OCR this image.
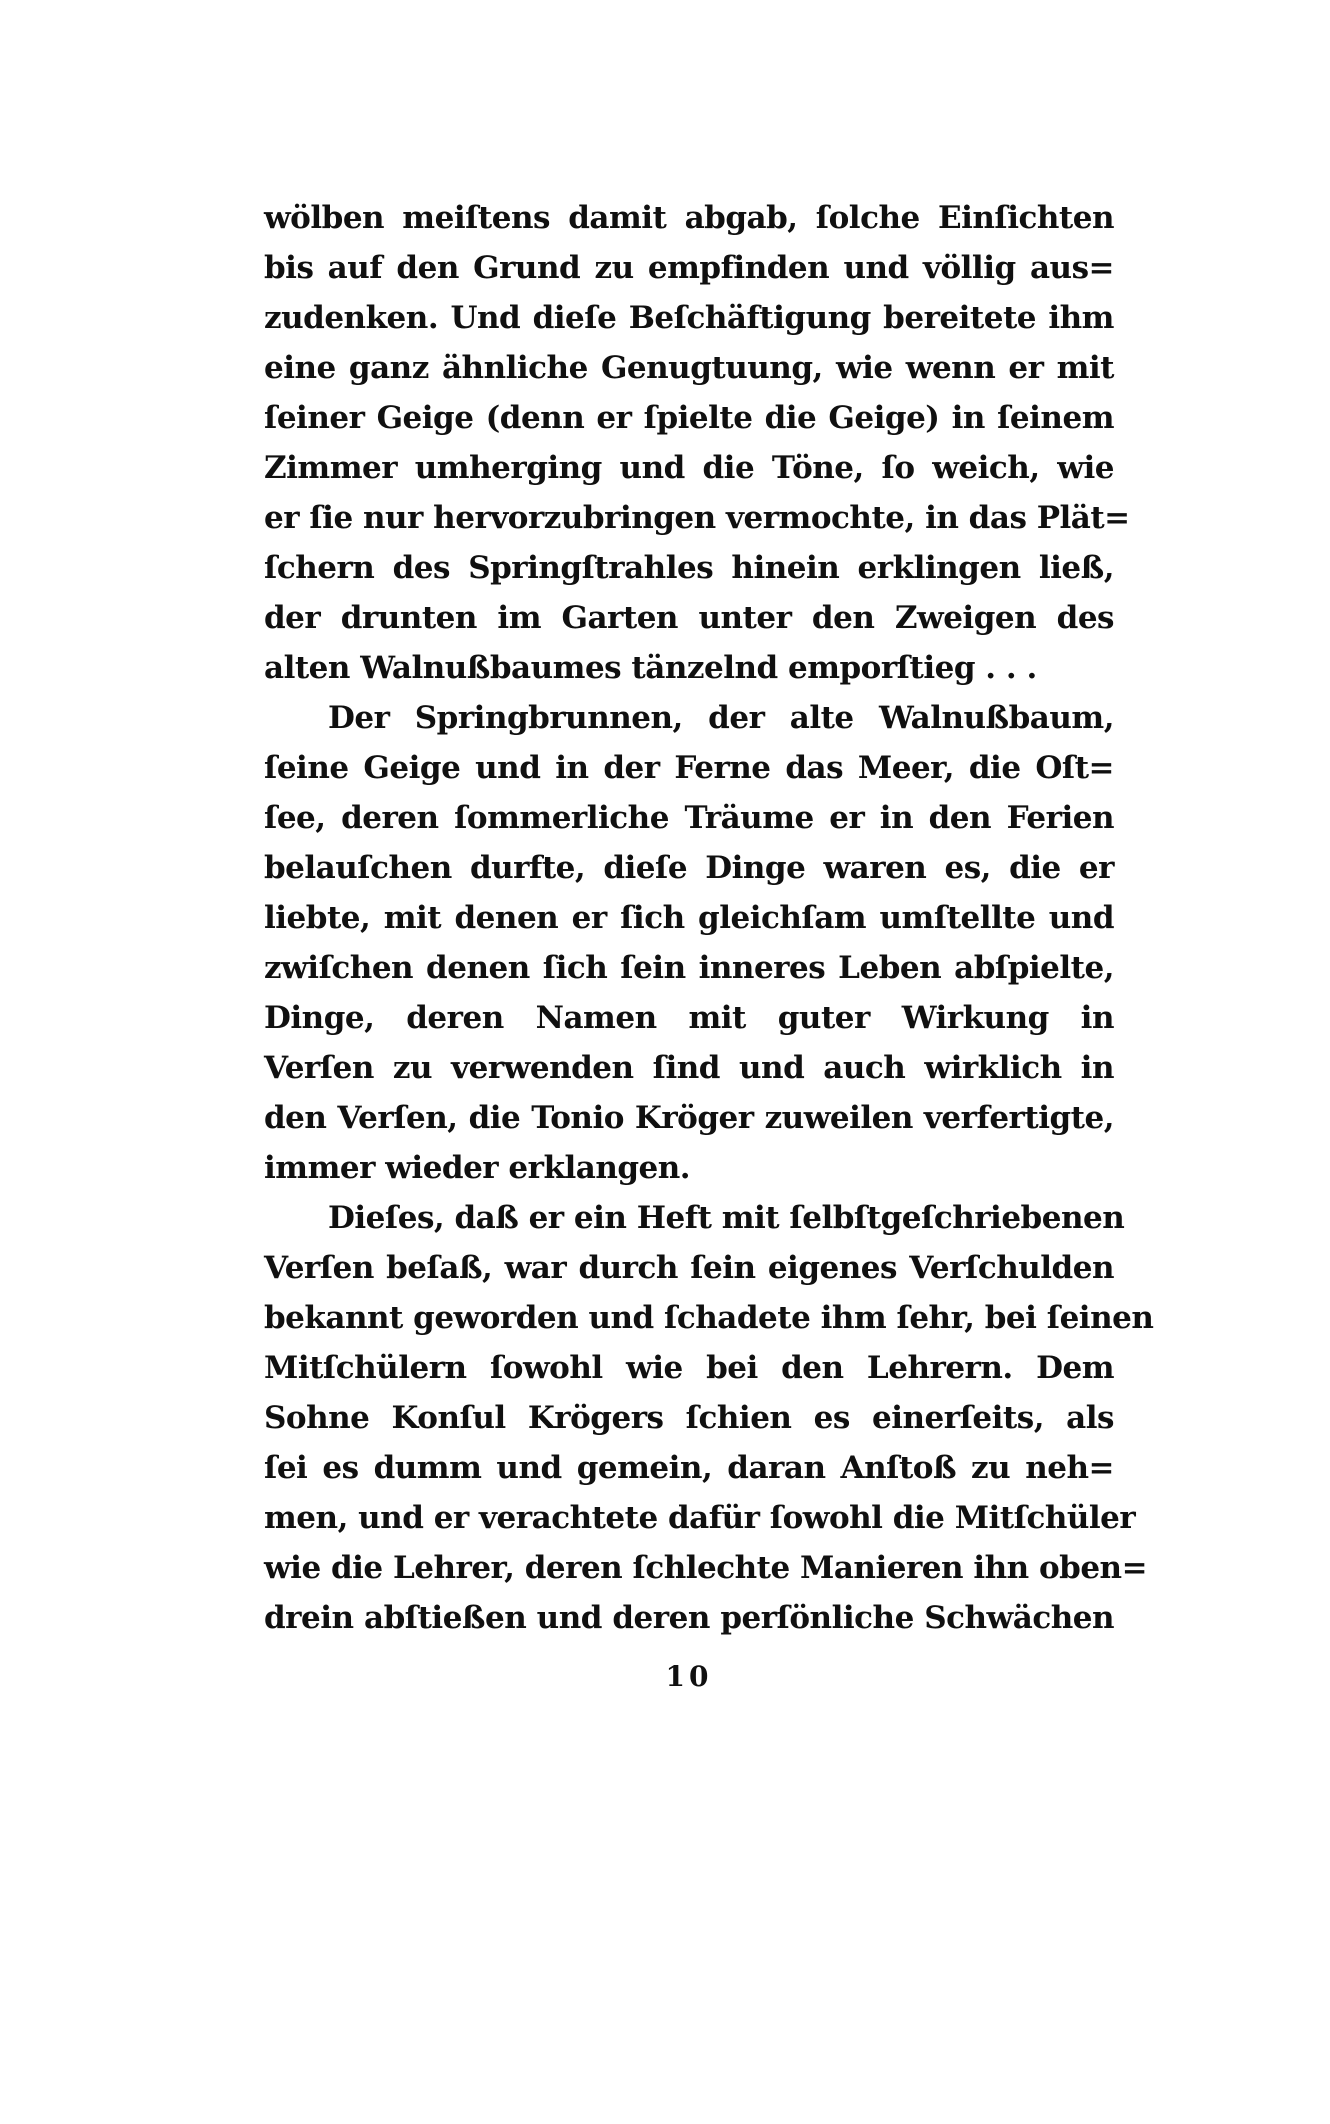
wölben meiſtens damit abgab, ſolche Einſichten
bis auf den Grund zu empfinden und völlig aus=
zudenken. Und dieſe Beſchäftigung bereitete ihm
eine ganz ähnliche Genugtuung, wie wenn er mit
ſeiner Geige (denn er ſpielte die Geige) in ſeinem
Zimmer umherging und die Töne, ſo weich, wie
er ſie nur hervorzubringen vermochte, in das Plät=
ſchern des Springſtrahles hinein erklingen ließ,
der drunten im Garten unter den Zweigen des
alten Walnußbaumes tänzelnd emporſtieg . . .
Der Springbrunnen, der alte Walnußbaum,
ſeine Geige und in der Ferne das Meer, die Oſt=
ſee, deren ſommerliche Träume er in den Ferien
belauſchen durfte, dieſe Dinge waren es, die er
liebte, mit denen er ſich gleichſam umſtellte und
zwiſchen denen ſich ſein inneres Leben abſpielte,
Dinge, deren Namen mit guter Wirkung in
Verſen zu verwenden ſind und auch wirklich in
den Verſen, die Tonio Kröger zuweilen verfertigte,
immer wieder erklangen.
Dieſes, daß er ein Heft mit ſelbſtgeſchriebenen
Verſen beſaß, war durch ſein eigenes Verſchulden
bekannt geworden und ſchadete ihm ſehr, bei ſeinen
Mitſchülern ſowohl wie bei den Lehrern. Dem
Sohne Konſul Krögers ſchien es einerſeits, als
ſei es dumm und gemein, daran Anſtoß zu neh=
men, und er verachtete dafür ſowohl die Mitſchüler
wie die Lehrer, deren ſchlechte Manieren ihn oben=
drein abſtießen und deren perſönliche Schwächen
10
